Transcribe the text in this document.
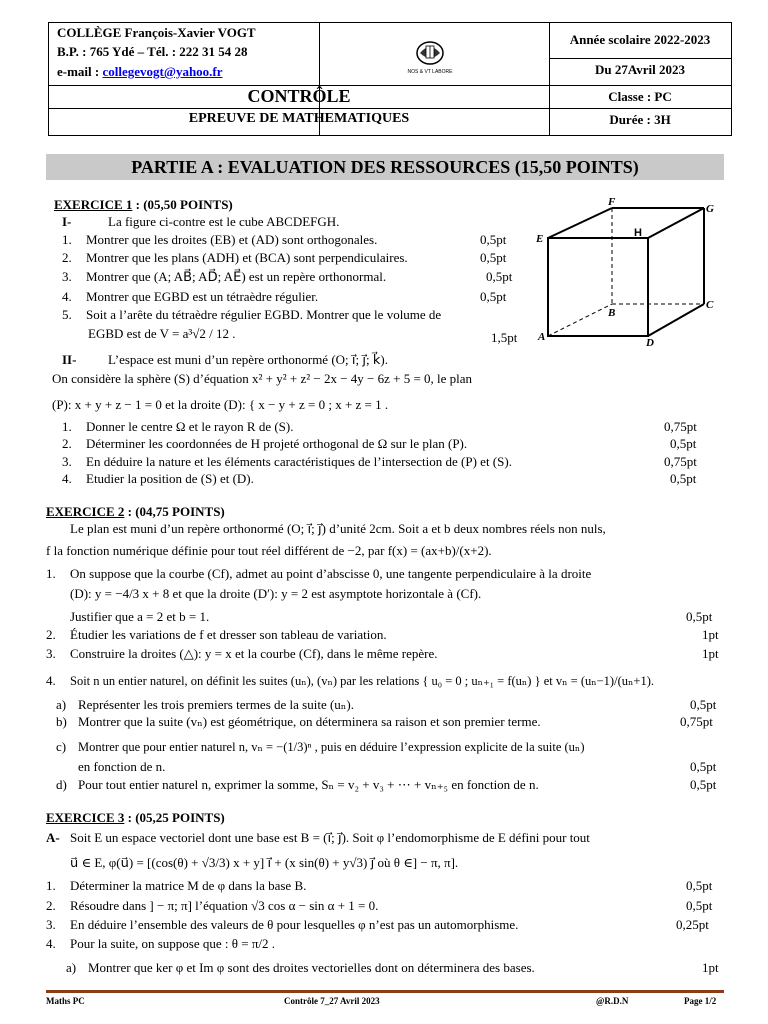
COLLÈGE François-Xavier VOGT
B.P. : 765 Ydé – Tél. : 222 31 54 28
e-mail : collegevogt@yahoo.fr	NOS & VT LABORE
Année scolaire 2022-2023
Du 27Avril 2023
CONTRÔLE	Classe : PC
EPREUVE DE MATHEMATIQUES	Durée : 3H
PARTIE A : EVALUATION DES RESSOURCES (15,50 POINTS)
EXERCICE 1 : (05,50 POINTS)
I-	La figure ci-contre est le cube ABCDEFGH.
1. Montrer que les droites (EB) et (AD) sont orthogonales.	0,5pt
2. Montrer que les plans (ADH) et (BCA) sont perpendiculaires.	0,5pt
3. Montrer que (A; AB⃗; AD⃗; AE⃗) est un repère orthonormal.	0,5pt
4. Montrer que EGBD est un tétraèdre régulier.	0,5pt
5. Soit a l’arête du tétraèdre régulier EGBD. Montrer que le volume de
EGBD est de V = a³√2 / 12 .	1,5pt
E
F
G
H
A
B
C
D
II- L’espace est muni d’un repère orthonormé (O; i⃗; j⃗; k⃗).
On considère la sphère (S) d’équation x² + y² + z² − 2x − 4y − 6z + 5 = 0, le plan
(P): x + y + z − 1 = 0 et la droite (D): { x − y + z = 0 ; x + z = 1 .
1. Donner le centre Ω et le rayon R de (S).	0,75pt
2. Déterminer les coordonnées de H projeté orthogonal de Ω sur le plan (P).	0,5pt
3. En déduire la nature et les éléments caractéristiques de l’intersection de (P) et (S).	0,75pt
4. Etudier la position de (S) et (D).	0,5pt
EXERCICE 2 : (04,75 POINTS)
Le plan est muni d’un repère orthonormé (O; i⃗; j⃗) d’unité 2cm. Soit a et b deux nombres réels non nuls,
f la fonction numérique définie pour tout réel différent de −2, par f(x) = (ax+b)/(x+2).
1. On suppose que la courbe (Cf), admet au point d’abscisse 0, une tangente perpendiculaire à la droite
(D): y = −4/3 x + 8 et que la droite (D′): y = 2 est asymptote horizontale à (Cf).
Justifier que a = 2 et b = 1.	0,5pt
2. Étudier les variations de f et dresser son tableau de variation.	1pt
3. Construire la droites (△): y = x et la courbe (Cf), dans le même repère.	1pt
4. Soit n un entier naturel, on définit les suites (uₙ), (vₙ) par les relations { u₀ = 0 ; uₙ₊₁ = f(uₙ) } et vₙ = (uₙ−1)/(uₙ+1).
a) Représenter les trois premiers termes de la suite (uₙ).	0,5pt
b) Montrer que la suite (vₙ) est géométrique, on déterminera sa raison et son premier terme.	0,75pt
c) Montrer que pour entier naturel n, vₙ = −(1/3)ⁿ , puis en déduire l’expression explicite de la suite (uₙ)
en fonction de n.	0,5pt
d) Pour tout entier naturel n, exprimer la somme, Sₙ = v₂ + v₃ + ⋯ + vₙ₊₅ en fonction de n.	0,5pt
EXERCICE 3 : (05,25 POINTS)
A- Soit E un espace vectoriel dont une base est B = (i⃗; j⃗). Soit φ l’endomorphisme de E défini pour tout
u⃗ ∈ E, φ(u⃗) = [(cos(θ) + √3/3) x + y] i⃗ + (x sin(θ) + y√3) j⃗ où θ ∈] − π, π].
1. Déterminer la matrice M de φ dans la base B.	0,5pt
2. Résoudre dans ] − π; π] l’équation √3 cos α − sin α + 1 = 0.	0,5pt
3. En déduire l’ensemble des valeurs de θ pour lesquelles φ n’est pas un automorphisme.	0,25pt
4. Pour la suite, on suppose que : θ = π/2 .
a) Montrer que ker φ et Im φ sont des droites vectorielles dont on déterminera des bases.	1pt
Maths PC	Contrôle 7_27 Avril 2023	@R.D.N	Page 1/2
